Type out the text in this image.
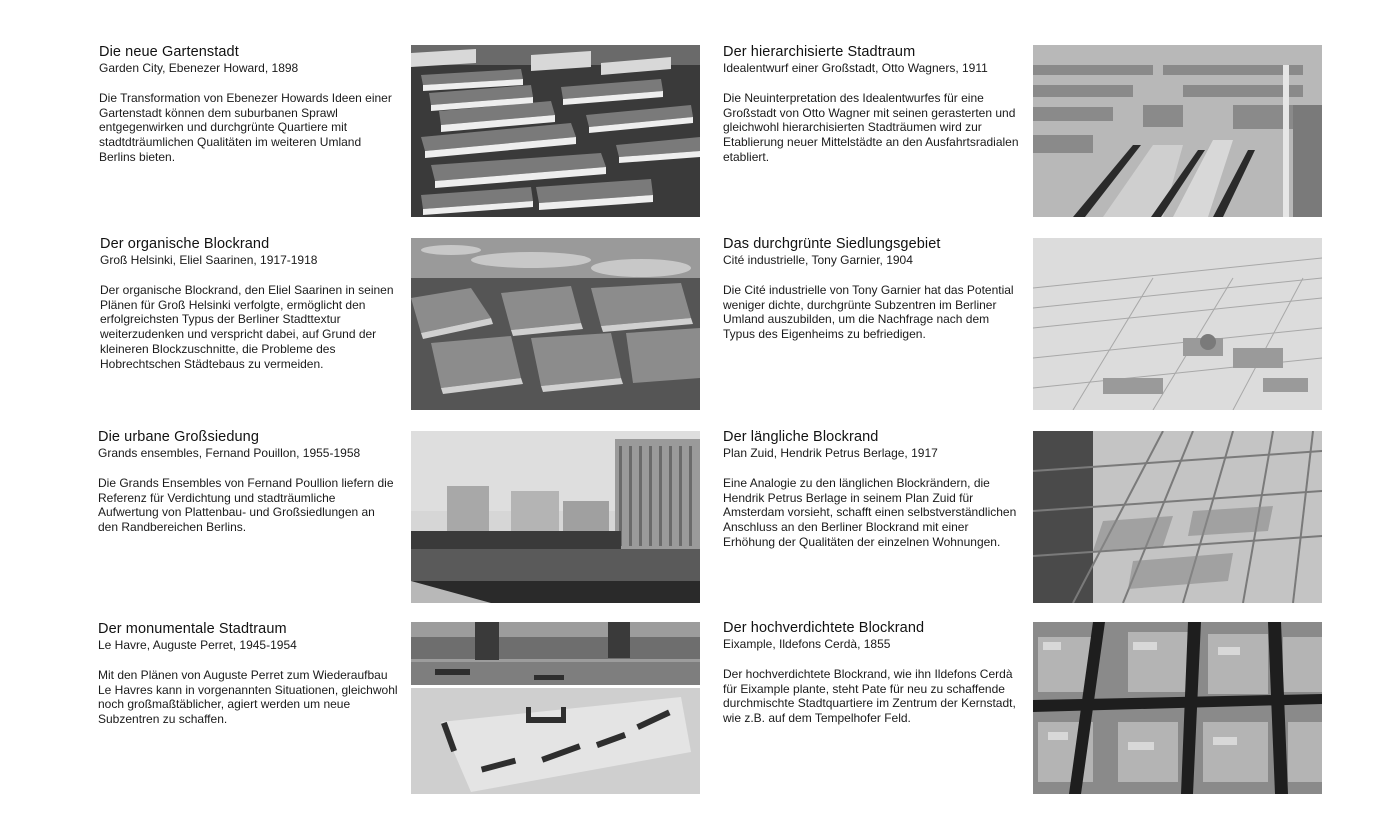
Die neue Gartenstadt
Garden City, Ebenezer Howard, 1898
Die Transformation von Ebenezer Howards Ideen einer Gartenstadt können dem suburbanen Sprawl entgegenwirken und durchgrünte Quartiere mit stadtdträumlichen Qualitäten im weiteren Umland Berlins bieten.
Der hierarchisierte Stadtraum
Idealentwurf einer Großstadt, Otto Wagners, 1911
Die Neuinterpretation des Idealentwurfes für eine Großstadt von Otto Wagner mit seinen gerasterten und gleichwohl hierarchisierten Stadträumen wird zur Etablierung neuer Mittelstädte an den Ausfahrtsradialen etabliert.
Der organische Blockrand
Groß Helsinki, Eliel Saarinen, 1917-1918
Der organische Blockrand, den Eliel Saarinen in seinen Plänen für Groß Helsinki verfolgte, ermöglicht den erfolgreichsten Typus der Berliner Stadttextur weiterzudenken und verspricht dabei, auf Grund der kleineren Blockzuschnitte, die Probleme des Hobrechtschen Städtebaus zu vermeiden.
Das durchgrünte Siedlungsgebiet
Cité industrielle, Tony Garnier, 1904
Die Cité industrielle von Tony Garnier hat das Potential weniger dichte, durchgrünte Subzentren im Berliner Umland auszubilden, um die Nachfrage nach dem Typus des Eigenheims zu befriedigen.
Die urbane Großsiedung
Grands ensembles, Fernand Pouillon, 1955-1958
Die Grands Ensembles von Fernand Poullion liefern die Referenz für Verdichtung und stadträumliche Aufwertung von Plattenbau- und Großsiedlungen an den Randbereichen Berlins.
Der längliche Blockrand
Plan Zuid, Hendrik Petrus Berlage, 1917
Eine Analogie zu den länglichen Blockrändern, die Hendrik Petrus Berlage in seinem Plan Zuid für Amsterdam vorsieht, schafft einen selbstverständlichen Anschluss an den Berliner Blockrand mit einer Erhöhung der Qualitäten der einzelnen Wohnungen.
Der monumentale Stadtraum
Le Havre, Auguste Perret, 1945-1954
Mit den Plänen von Auguste Perret zum Wiederaufbau Le Havres kann in vorgenannten Situationen, gleichwohl noch großmaßtäblicher, agiert werden um neue Subzentren zu schaffen.
Der hochverdichtete Blockrand
Eixample, Ildefons Cerdà, 1855
Der hochverdichtete Blockrand, wie ihn Ildefons Cerdà für Eixample plante, steht Pate für neu zu schaffende durchmischte Stadtquartiere im Zentrum der Kernstadt, wie z.B. auf dem Tempelhofer Feld.
